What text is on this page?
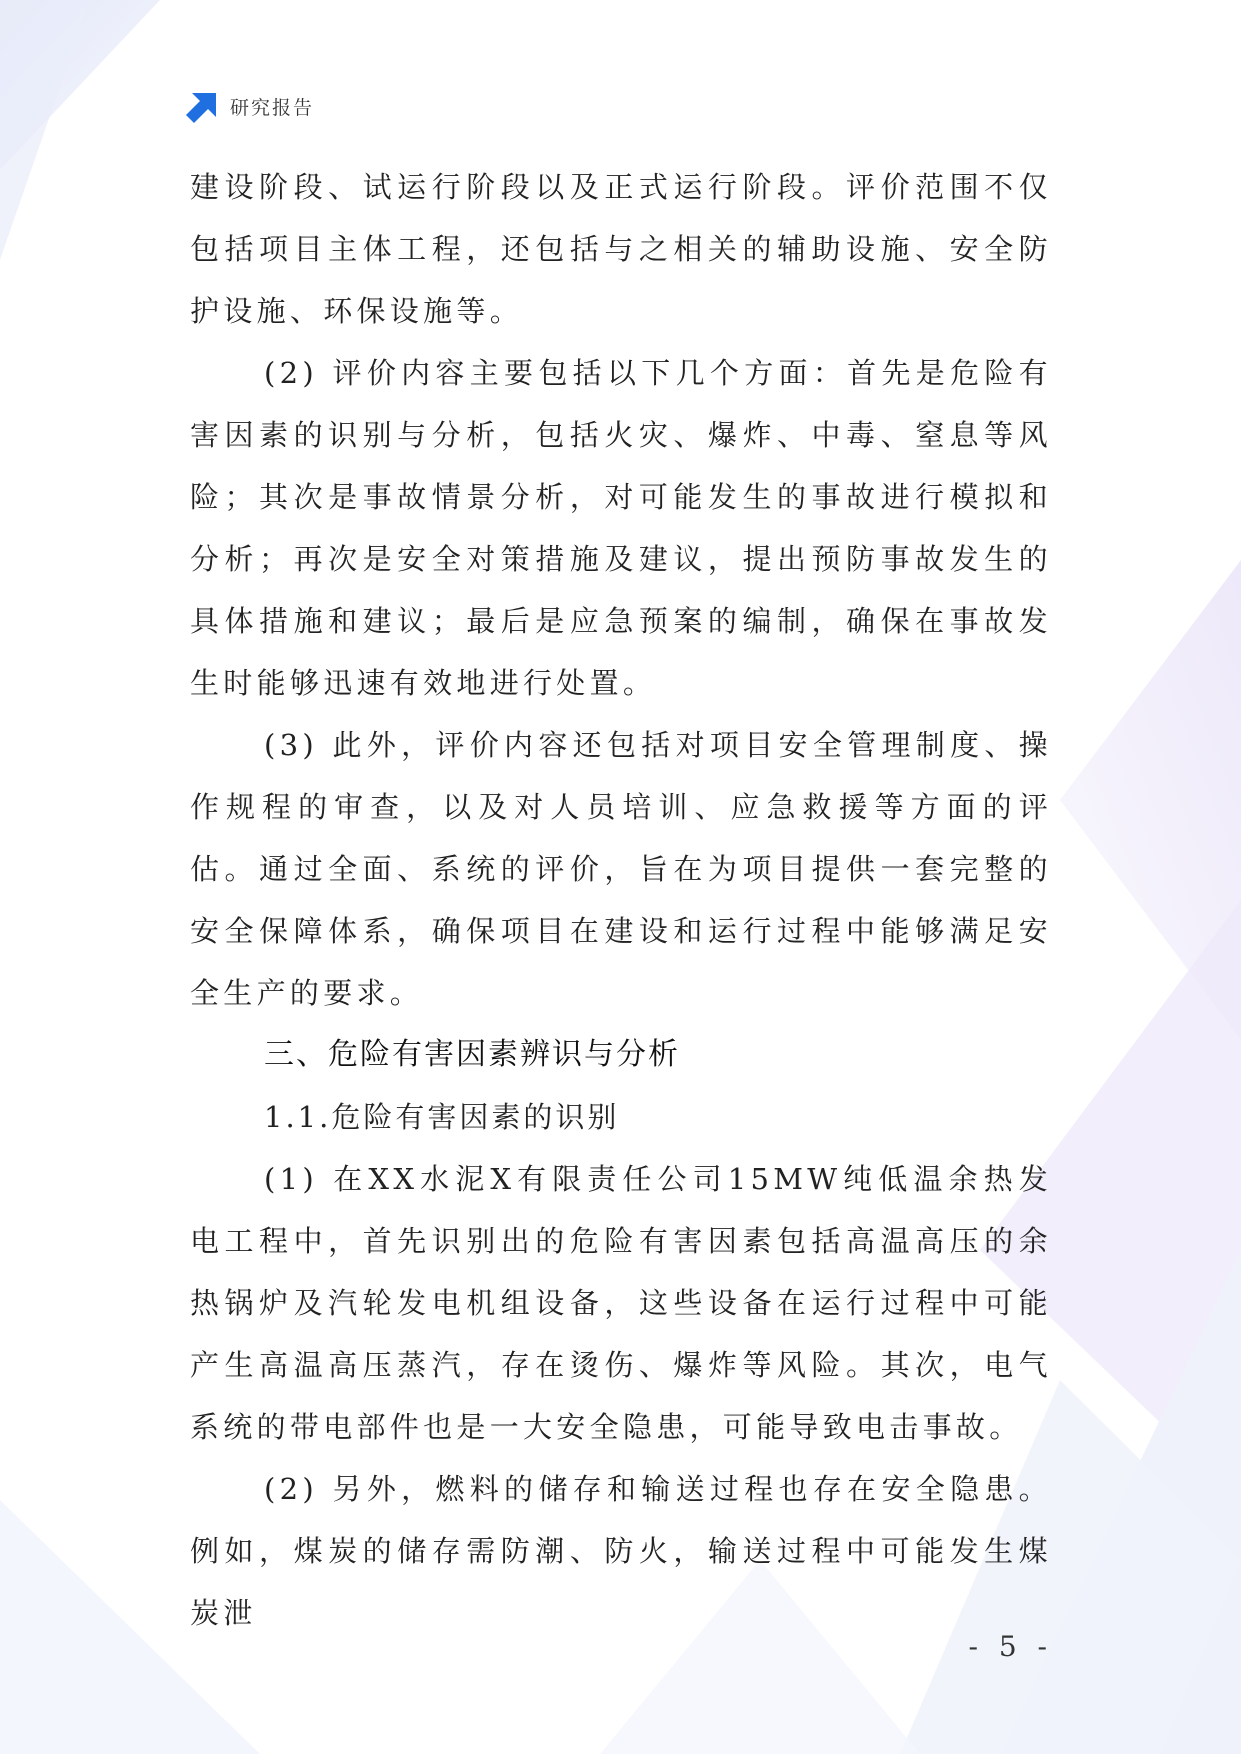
研究报告

建设阶段、试运行阶段以及正式运行阶段。评价范围不仅包括项目主体工程，还包括与之相关的辅助设施、安全防护设施、环保设施等。

(2) 评价内容主要包括以下几个方面：首先是危险有害因素的识别与分析，包括火灾、爆炸、中毒、窒息等风险；其次是事故情景分析，对可能发生的事故进行模拟和分析；再次是安全对策措施及建议，提出预防事故发生的具体措施和建议；最后是应急预案的编制，确保在事故发生时能够迅速有效地进行处置。

(3) 此外，评价内容还包括对项目安全管理制度、操作规程的审查，以及对人员培训、应急救援等方面的评估。通过全面、系统的评价，旨在为项目提供一套完整的安全保障体系，确保项目在建设和运行过程中能够满足安全生产的要求。

三、危险有害因素辨识与分析

1.1.危险有害因素的识别

(1) 在XX水泥X有限责任公司15MW纯低温余热发电工程中，首先识别出的危险有害因素包括高温高压的余热锅炉及汽轮发电机组设备，这些设备在运行过程中可能产生高温高压蒸汽，存在烫伤、爆炸等风险。其次，电气系统的带电部件也是一大安全隐患，可能导致电击事故。

(2) 另外，燃料的储存和输送过程也存在安全隐患。例如，煤炭的储存需防潮、防火，输送过程中可能发生煤炭泄

- 5 -
